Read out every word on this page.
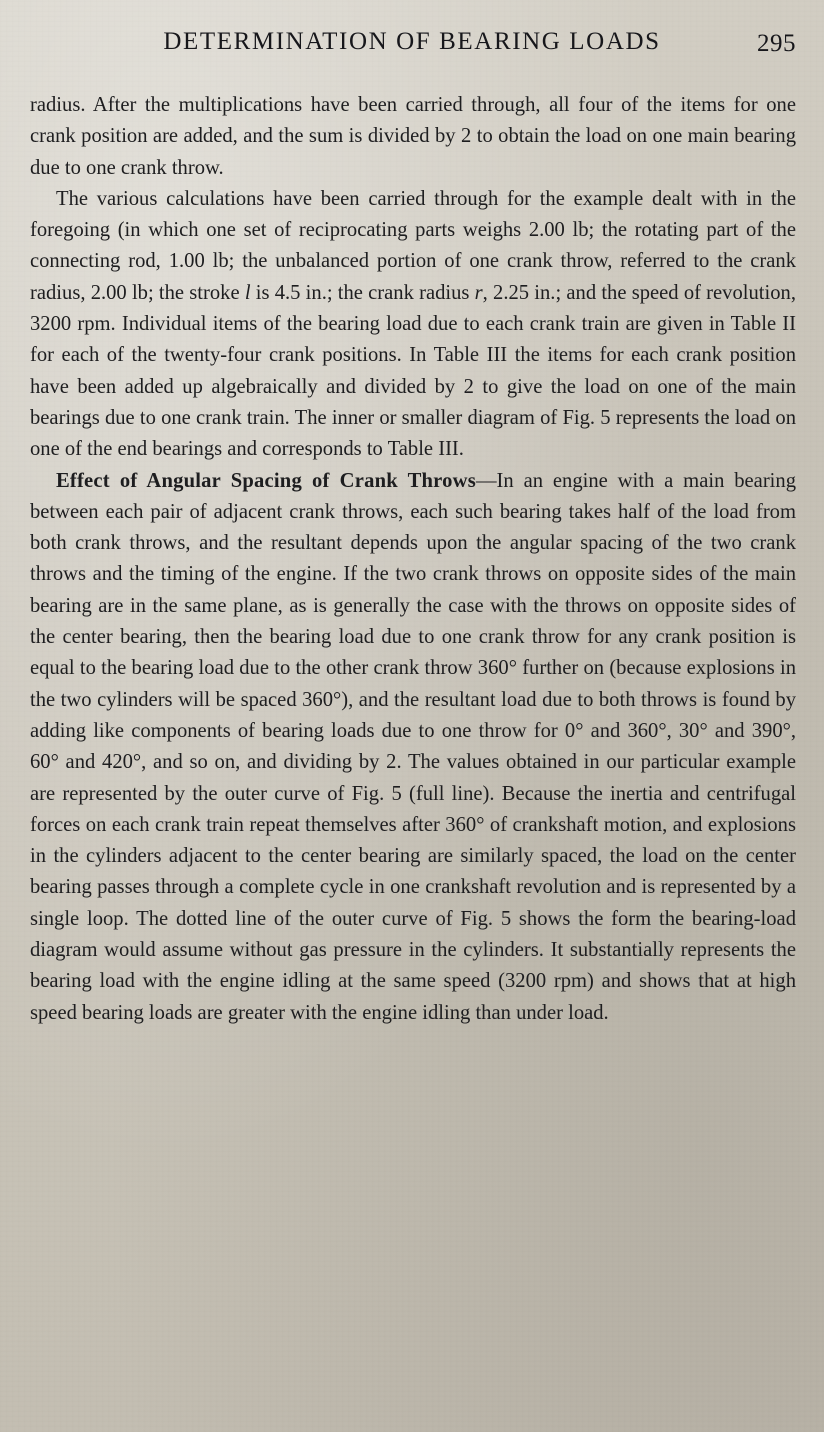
DETERMINATION OF BEARING LOADS	295

radius. After the multiplications have been carried through, all four of the items for one crank position are added, and the sum is divided by 2 to obtain the load on one main bearing due to one crank throw.

The various calculations have been carried through for the example dealt with in the foregoing (in which one set of reciprocating parts weighs 2.00 lb; the rotating part of the connecting rod, 1.00 lb; the unbalanced portion of one crank throw, referred to the crank radius, 2.00 lb; the stroke l is 4.5 in.; the crank radius r, 2.25 in.; and the speed of revolution, 3200 rpm. Individual items of the bearing load due to each crank train are given in Table II for each of the twenty-four crank positions. In Table III the items for each crank position have been added up algebraically and divided by 2 to give the load on one of the main bearings due to one crank train. The inner or smaller diagram of Fig. 5 represents the load on one of the end bearings and corresponds to Table III.

Effect of Angular Spacing of Crank Throws—In an engine with a main bearing between each pair of adjacent crank throws, each such bearing takes half of the load from both crank throws, and the resultant depends upon the angular spacing of the two crank throws and the timing of the engine. If the two crank throws on opposite sides of the main bearing are in the same plane, as is generally the case with the throws on opposite sides of the center bearing, then the bearing load due to one crank throw for any crank position is equal to the bearing load due to the other crank throw 360° further on (because explosions in the two cylinders will be spaced 360°), and the resultant load due to both throws is found by adding like components of bearing loads due to one throw for 0° and 360°, 30° and 390°, 60° and 420°, and so on, and dividing by 2. The values obtained in our particular example are represented by the outer curve of Fig. 5 (full line). Because the inertia and centrifugal forces on each crank train repeat themselves after 360° of crankshaft motion, and explosions in the cylinders adjacent to the center bearing are similarly spaced, the load on the center bearing passes through a complete cycle in one crankshaft revolution and is represented by a single loop. The dotted line of the outer curve of Fig. 5 shows the form the bearing-load diagram would assume without gas pressure in the cylinders. It substantially represents the bearing load with the engine idling at the same speed (3200 rpm) and shows that at high speed bearing loads are greater with the engine idling than under load.
